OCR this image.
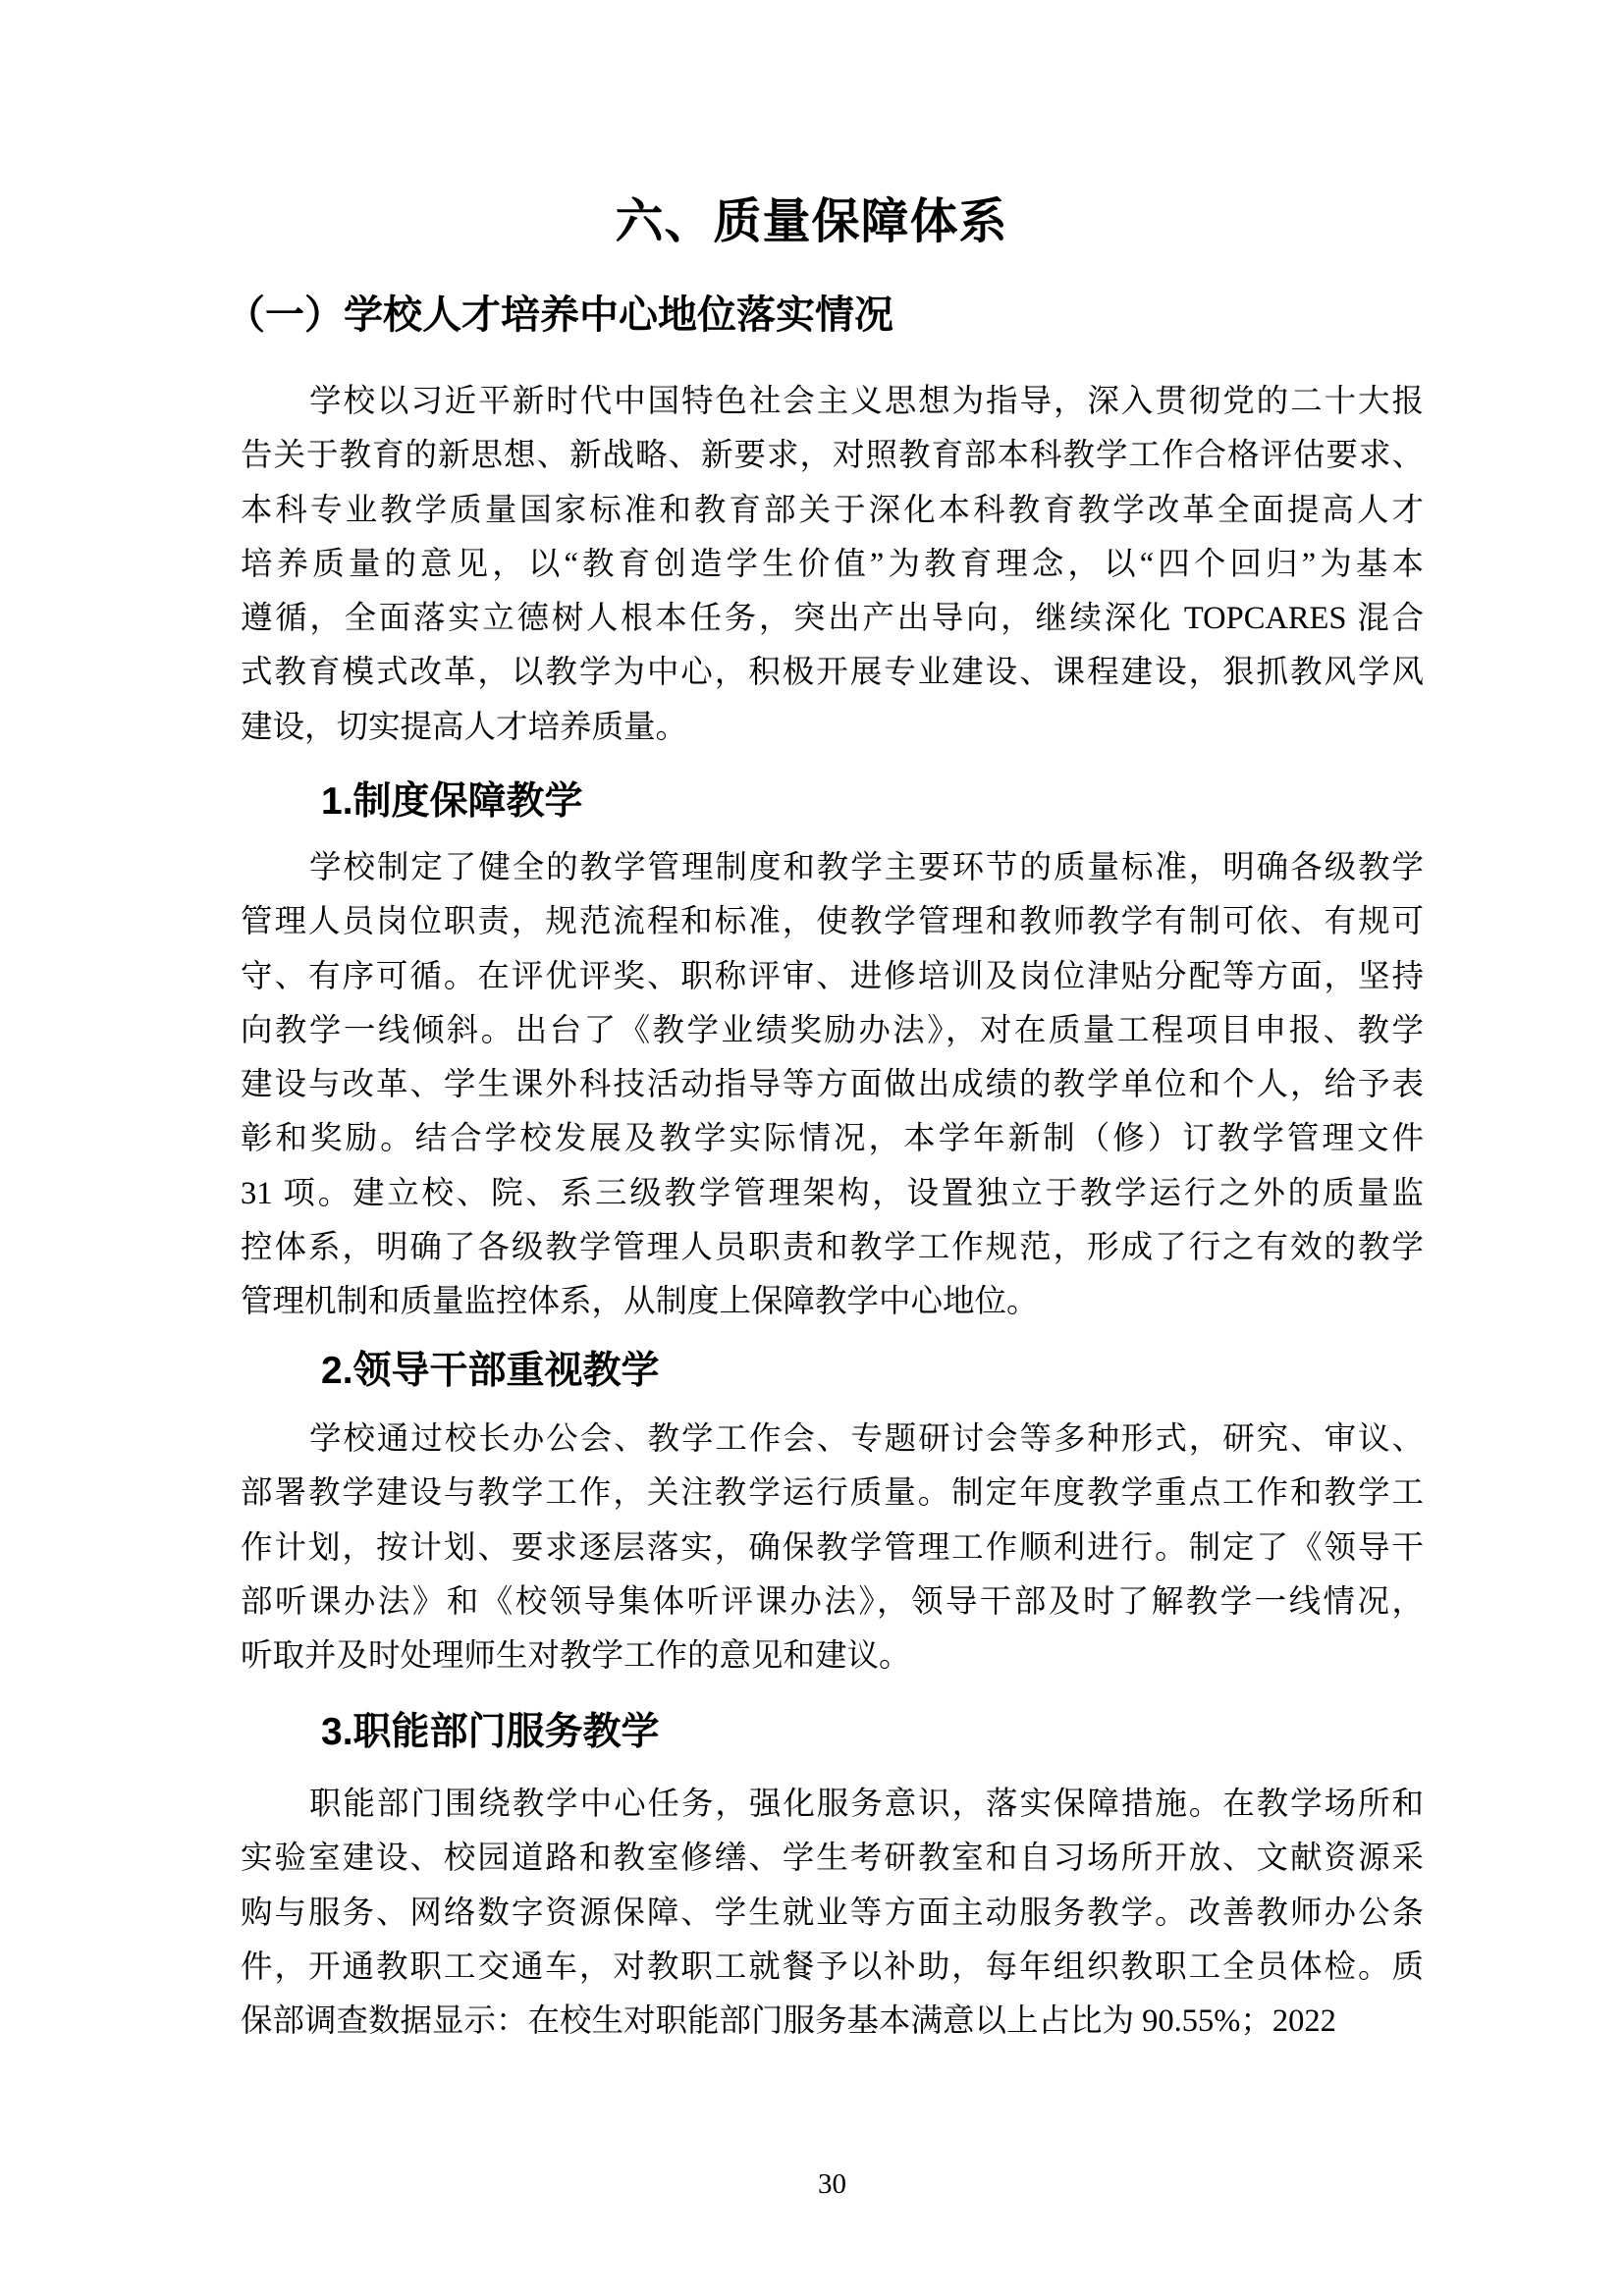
六、质量保障体系
（一）学校人才培养中心地位落实情况
学校以习近平新时代中国特色社会主义思想为指导，深入贯彻党的二十大报
告关于教育的新思想、新战略、新要求，对照教育部本科教学工作合格评估要求、
本科专业教学质量国家标准和教育部关于深化本科教育教学改革全面提高人才
培养质量的意见，以“教育创造学生价值”为教育理念，以“四个回归”为基本
遵循，全面落实立德树人根本任务，突出产出导向，继续深化 TOPCARES 混合
式教育模式改革，以教学为中心，积极开展专业建设、课程建设，狠抓教风学风
建设，切实提高人才培养质量。
1.制度保障教学
学校制定了健全的教学管理制度和教学主要环节的质量标准，明确各级教学
管理人员岗位职责，规范流程和标准，使教学管理和教师教学有制可依、有规可
守、有序可循。在评优评奖、职称评审、进修培训及岗位津贴分配等方面，坚持
向教学一线倾斜。出台了《教学业绩奖励办法》，对在质量工程项目申报、教学
建设与改革、学生课外科技活动指导等方面做出成绩的教学单位和个人，给予表
彰和奖励。结合学校发展及教学实际情况，本学年新制（修）订教学管理文件
31 项。建立校、院、系三级教学管理架构，设置独立于教学运行之外的质量监
控体系，明确了各级教学管理人员职责和教学工作规范，形成了行之有效的教学
管理机制和质量监控体系，从制度上保障教学中心地位。
2.领导干部重视教学
学校通过校长办公会、教学工作会、专题研讨会等多种形式，研究、审议、
部署教学建设与教学工作，关注教学运行质量。制定年度教学重点工作和教学工
作计划，按计划、要求逐层落实，确保教学管理工作顺利进行。制定了《领导干
部听课办法》和《校领导集体听评课办法》，领导干部及时了解教学一线情况，
听取并及时处理师生对教学工作的意见和建议。
3.职能部门服务教学
职能部门围绕教学中心任务，强化服务意识，落实保障措施。在教学场所和
实验室建设、校园道路和教室修缮、学生考研教室和自习场所开放、文献资源采
购与服务、网络数字资源保障、学生就业等方面主动服务教学。改善教师办公条
件，开通教职工交通车，对教职工就餐予以补助，每年组织教职工全员体检。质
保部调查数据显示：在校生对职能部门服务基本满意以上占比为 90.55%；2022
30
